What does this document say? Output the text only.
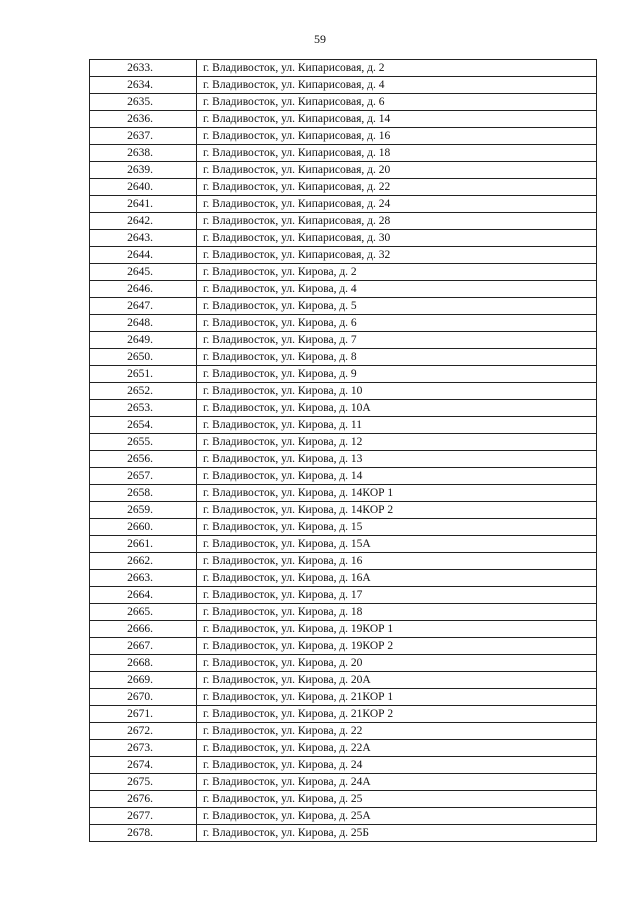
59
2633.	г. Владивосток, ул. Кипарисовая, д. 2
2634.	г. Владивосток, ул. Кипарисовая, д. 4
2635.	г. Владивосток, ул. Кипарисовая, д. 6
2636.	г. Владивосток, ул. Кипарисовая, д. 14
2637.	г. Владивосток, ул. Кипарисовая, д. 16
2638.	г. Владивосток, ул. Кипарисовая, д. 18
2639.	г. Владивосток, ул. Кипарисовая, д. 20
2640.	г. Владивосток, ул. Кипарисовая, д. 22
2641.	г. Владивосток, ул. Кипарисовая, д. 24
2642.	г. Владивосток, ул. Кипарисовая, д. 28
2643.	г. Владивосток, ул. Кипарисовая, д. 30
2644.	г. Владивосток, ул. Кипарисовая, д. 32
2645.	г. Владивосток, ул. Кирова, д. 2
2646.	г. Владивосток, ул. Кирова, д. 4
2647.	г. Владивосток, ул. Кирова, д. 5
2648.	г. Владивосток, ул. Кирова, д. 6
2649.	г. Владивосток, ул. Кирова, д. 7
2650.	г. Владивосток, ул. Кирова, д. 8
2651.	г. Владивосток, ул. Кирова, д. 9
2652.	г. Владивосток, ул. Кирова, д. 10
2653.	г. Владивосток, ул. Кирова, д. 10А
2654.	г. Владивосток, ул. Кирова, д. 11
2655.	г. Владивосток, ул. Кирова, д. 12
2656.	г. Владивосток, ул. Кирова, д. 13
2657.	г. Владивосток, ул. Кирова, д. 14
2658.	г. Владивосток, ул. Кирова, д. 14КОР 1
2659.	г. Владивосток, ул. Кирова, д. 14КОР 2
2660.	г. Владивосток, ул. Кирова, д. 15
2661.	г. Владивосток, ул. Кирова, д. 15А
2662.	г. Владивосток, ул. Кирова, д. 16
2663.	г. Владивосток, ул. Кирова, д. 16А
2664.	г. Владивосток, ул. Кирова, д. 17
2665.	г. Владивосток, ул. Кирова, д. 18
2666.	г. Владивосток, ул. Кирова, д. 19КОР 1
2667.	г. Владивосток, ул. Кирова, д. 19КОР 2
2668.	г. Владивосток, ул. Кирова, д. 20
2669.	г. Владивосток, ул. Кирова, д. 20А
2670.	г. Владивосток, ул. Кирова, д. 21КОР 1
2671.	г. Владивосток, ул. Кирова, д. 21КОР 2
2672.	г. Владивосток, ул. Кирова, д. 22
2673.	г. Владивосток, ул. Кирова, д. 22А
2674.	г. Владивосток, ул. Кирова, д. 24
2675.	г. Владивосток, ул. Кирова, д. 24А
2676.	г. Владивосток, ул. Кирова, д. 25
2677.	г. Владивосток, ул. Кирова, д. 25А
2678.	г. Владивосток, ул. Кирова, д. 25Б
